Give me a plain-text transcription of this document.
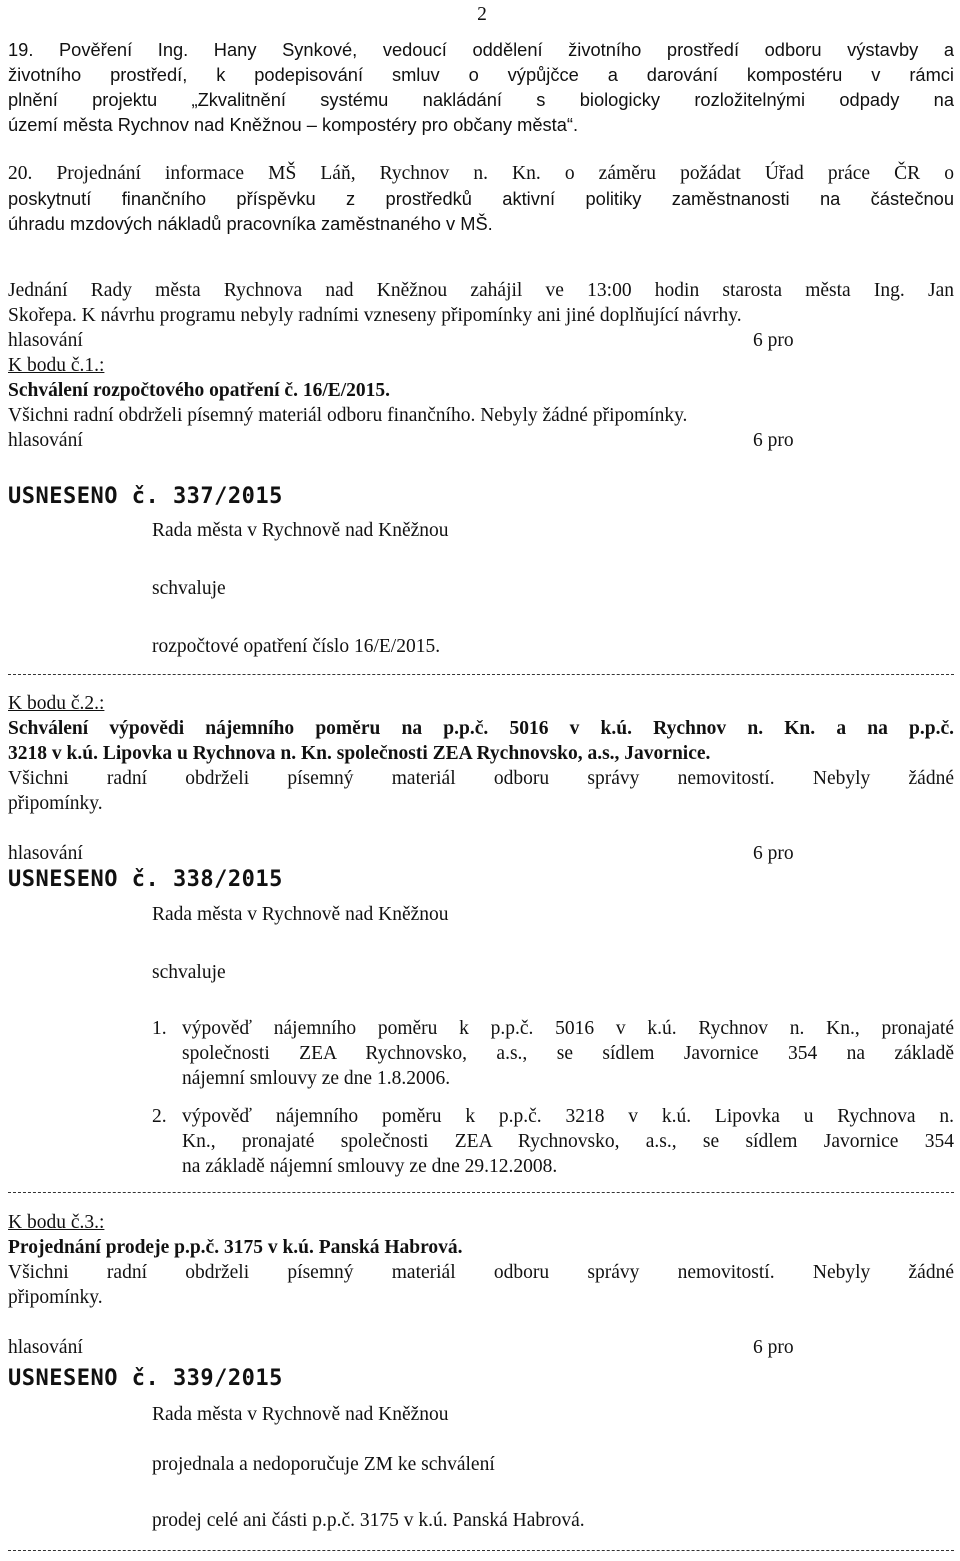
2
19. Pověření Ing. Hany Synkové, vedoucí oddělení životního prostředí odboru výstavby a
životního prostředí, k podepisování smluv o výpůjčce a darování kompostéru v rámci
plnění projektu „Zkvalitnění systému nakládání s biologicky rozložitelnými odpady na
území města Rychnov nad Kněžnou – kompostéry pro občany města“.
20. Projednání informace MŠ Láň, Rychnov n. Kn. o záměru požádat Úřad práce ČR o
poskytnutí finančního příspěvku z prostředků aktivní politiky zaměstnanosti na částečnou
úhradu mzdových nákladů pracovníka zaměstnaného v MŠ.
Jednání Rady města Rychnova nad Kněžnou zahájil ve 13:00 hodin starosta města Ing. Jan
Skořepa. K návrhu programu nebyly radními vzneseny připomínky ani jiné doplňující návrhy.
hlasování	6 pro
K bodu č.1.:
Schválení rozpočtového opatření č. 16/E/2015.
Všichni radní obdrželi písemný materiál odboru finančního. Nebyly žádné připomínky.
hlasování	6 pro
USNESENO č. 337/2015
Rada města v Rychnově nad Kněžnou
schvaluje
rozpočtové opatření číslo 16/E/2015.
K bodu č.2.:
Schválení výpovědi nájemního poměru na p.p.č. 5016 v k.ú. Rychnov n. Kn. a na p.p.č.
3218 v k.ú. Lipovka u Rychnova n. Kn. společnosti ZEA Rychnovsko, a.s., Javornice.
Všichni radní obdrželi písemný materiál odboru správy nemovitostí. Nebyly žádné
připomínky.
hlasování	6 pro
USNESENO č. 338/2015
Rada města v Rychnově nad Kněžnou
schvaluje
1. výpověď nájemního poměru k p.p.č. 5016 v k.ú. Rychnov n. Kn., pronajaté
společnosti ZEA Rychnovsko, a.s., se sídlem Javornice 354 na základě
nájemní smlouvy ze dne 1.8.2006.
2. výpověď nájemního poměru k p.p.č. 3218 v k.ú. Lipovka u Rychnova n.
Kn., pronajaté společnosti ZEA Rychnovsko, a.s., se sídlem Javornice 354
na základě nájemní smlouvy ze dne 29.12.2008.
K bodu č.3.:
Projednání prodeje p.p.č. 3175 v k.ú. Panská Habrová.
Všichni radní obdrželi písemný materiál odboru správy nemovitostí. Nebyly žádné
připomínky.
hlasování	6 pro
USNESENO č. 339/2015
Rada města v Rychnově nad Kněžnou
projednala a nedoporučuje ZM ke schválení
prodej celé ani části p.p.č. 3175 v k.ú. Panská Habrová.
